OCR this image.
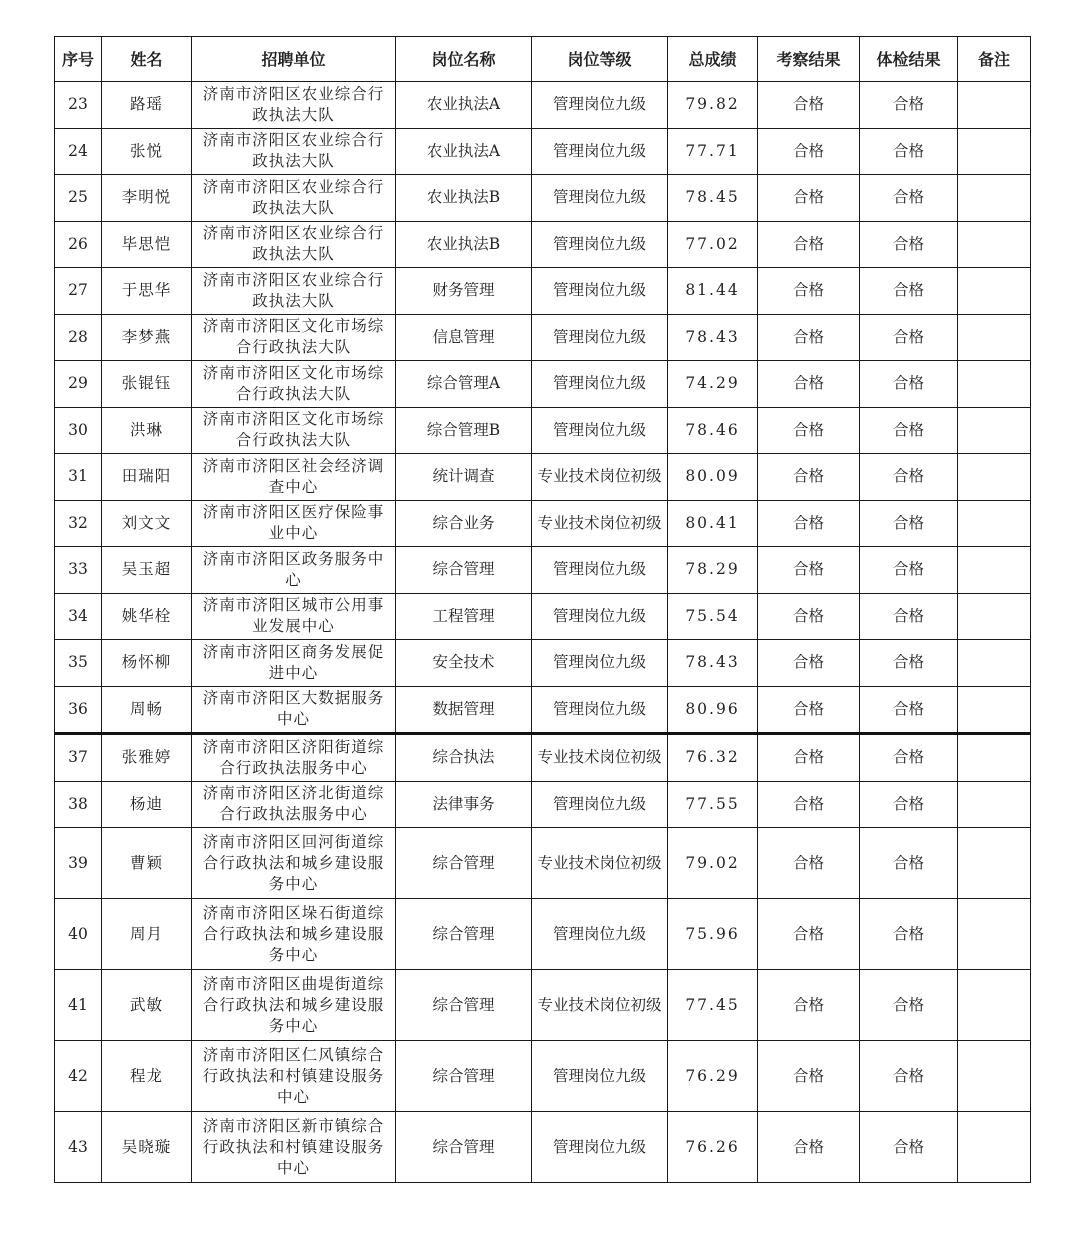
序号	姓名	招聘单位	岗位名称	岗位等级	总成绩	考察结果	体检结果	备注
23	路瑶	济南市济阳区农业综合行政执法大队	农业执法A	管理岗位九级	79.82	合格	合格	
24	张悦	济南市济阳区农业综合行政执法大队	农业执法A	管理岗位九级	77.71	合格	合格	
25	李明悦	济南市济阳区农业综合行政执法大队	农业执法B	管理岗位九级	78.45	合格	合格	
26	毕思恺	济南市济阳区农业综合行政执法大队	农业执法B	管理岗位九级	77.02	合格	合格	
27	于思华	济南市济阳区农业综合行政执法大队	财务管理	管理岗位九级	81.44	合格	合格	
28	李梦燕	济南市济阳区文化市场综合行政执法大队	信息管理	管理岗位九级	78.43	合格	合格	
29	张锟钰	济南市济阳区文化市场综合行政执法大队	综合管理A	管理岗位九级	74.29	合格	合格	
30	洪琳	济南市济阳区文化市场综合行政执法大队	综合管理B	管理岗位九级	78.46	合格	合格	
31	田瑞阳	济南市济阳区社会经济调查中心	统计调查	专业技术岗位初级	80.09	合格	合格	
32	刘文文	济南市济阳区医疗保险事业中心	综合业务	专业技术岗位初级	80.41	合格	合格	
33	吴玉超	济南市济阳区政务服务中心	综合管理	管理岗位九级	78.29	合格	合格	
34	姚华栓	济南市济阳区城市公用事业发展中心	工程管理	管理岗位九级	75.54	合格	合格	
35	杨怀柳	济南市济阳区商务发展促进中心	安全技术	管理岗位九级	78.43	合格	合格	
36	周畅	济南市济阳区大数据服务中心	数据管理	管理岗位九级	80.96	合格	合格	
37	张雅婷	济南市济阳区济阳街道综合行政执法服务中心	综合执法	专业技术岗位初级	76.32	合格	合格	
38	杨迪	济南市济阳区济北街道综合行政执法服务中心	法律事务	管理岗位九级	77.55	合格	合格	
39	曹颖	济南市济阳区回河街道综合行政执法和城乡建设服务中心	综合管理	专业技术岗位初级	79.02	合格	合格	
40	周月	济南市济阳区垛石街道综合行政执法和城乡建设服务中心	综合管理	管理岗位九级	75.96	合格	合格	
41	武敏	济南市济阳区曲堤街道综合行政执法和城乡建设服务中心	综合管理	专业技术岗位初级	77.45	合格	合格	
42	程龙	济南市济阳区仁风镇综合行政执法和村镇建设服务中心	综合管理	管理岗位九级	76.29	合格	合格	
43	吴晓璇	济南市济阳区新市镇综合行政执法和村镇建设服务中心	综合管理	管理岗位九级	76.26	合格	合格	
